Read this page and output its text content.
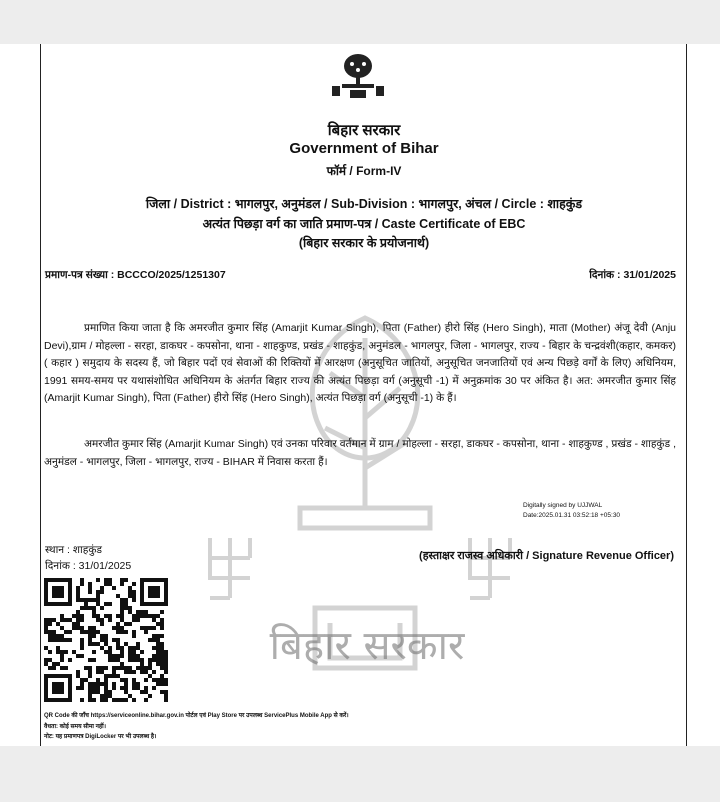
बिहार सरकार
बिहार सरकार
Government of Bihar
फॉर्म / Form-IV
जिला / District : भागलपुर, अनुमंडल / Sub-Division : भागलपुर, अंचल / Circle : शाहकुंड
अत्यंत पिछड़ा वर्ग का जाति प्रमाण-पत्र / Caste Certificate of EBC
(बिहार सरकार के प्रयोजनार्थ)
प्रमाण-पत्र संख्या : BCCCO/2025/1251307	दिनांक : 31/01/2025
प्रमाणित किया जाता है कि अमरजीत कुमार सिंह (Amarjit Kumar Singh), पिता (Father) हीरो सिंह (Hero Singh), माता (Mother) अंजू देवी (Anju Devi),ग्राम / मोहल्ला - सरहा, डाकघर - कपसोना, थाना - शाहकुण्ड, प्रखंड - शाहकुंड, अनुमंडल - भागलपुर, जिला - भागलपुर, राज्य - बिहार के चन्द्रवंशी(कहार, कमकर) ( कहार ) समुदाय के सदस्य हैं, जो बिहार पदों एवं सेवाओं की रिक्तियों में आरक्षण (अनुसूचित जातियों, अनुसूचित जनजातियों एवं अन्य पिछड़े वर्गों के लिए) अधिनियम, 1991 समय-समय पर यथासंशोधित अधिनियम के अंतर्गत बिहार राज्य की अत्यंत पिछड़ा वर्ग (अनुसूची -1) में अनुक्रमांक 30 पर अंकित है। अत: अमरजीत कुमार सिंह (Amarjit Kumar Singh), पिता (Father) हीरो सिंह (Hero Singh), अत्यंत पिछड़ा वर्ग (अनुसूची -1) के हैं।
अमरजीत कुमार सिंह (Amarjit Kumar Singh) एवं उनका परिवार वर्तमान में ग्राम / मोहल्ला - सरहा, डाकघर - कपसोना, थाना - शाहकुण्ड , प्रखंड - शाहकुंड , अनुमंडल - भागलपुर, जिला - भागलपुर, राज्य - BIHAR में निवास करता हैं।
Digitally signed by UJJWAL
Date:2025.01.31 03:52:18 +05:30
स्थान : शाहकुंड
दिनांक : 31/01/2025
(हस्ताक्षर राजस्व अधिकारी / Signature Revenue Officer)
QR Code की जाँच https://serviceonline.bihar.gov.in पोर्टल एवं Play Store पर उपलब्ध ServicePlus Mobile App से करें।
वैधता: कोई समय सीमा नहीं।
नोट: यह प्रमाणपत्र DigiLocker पर भी उपलब्ध है।
